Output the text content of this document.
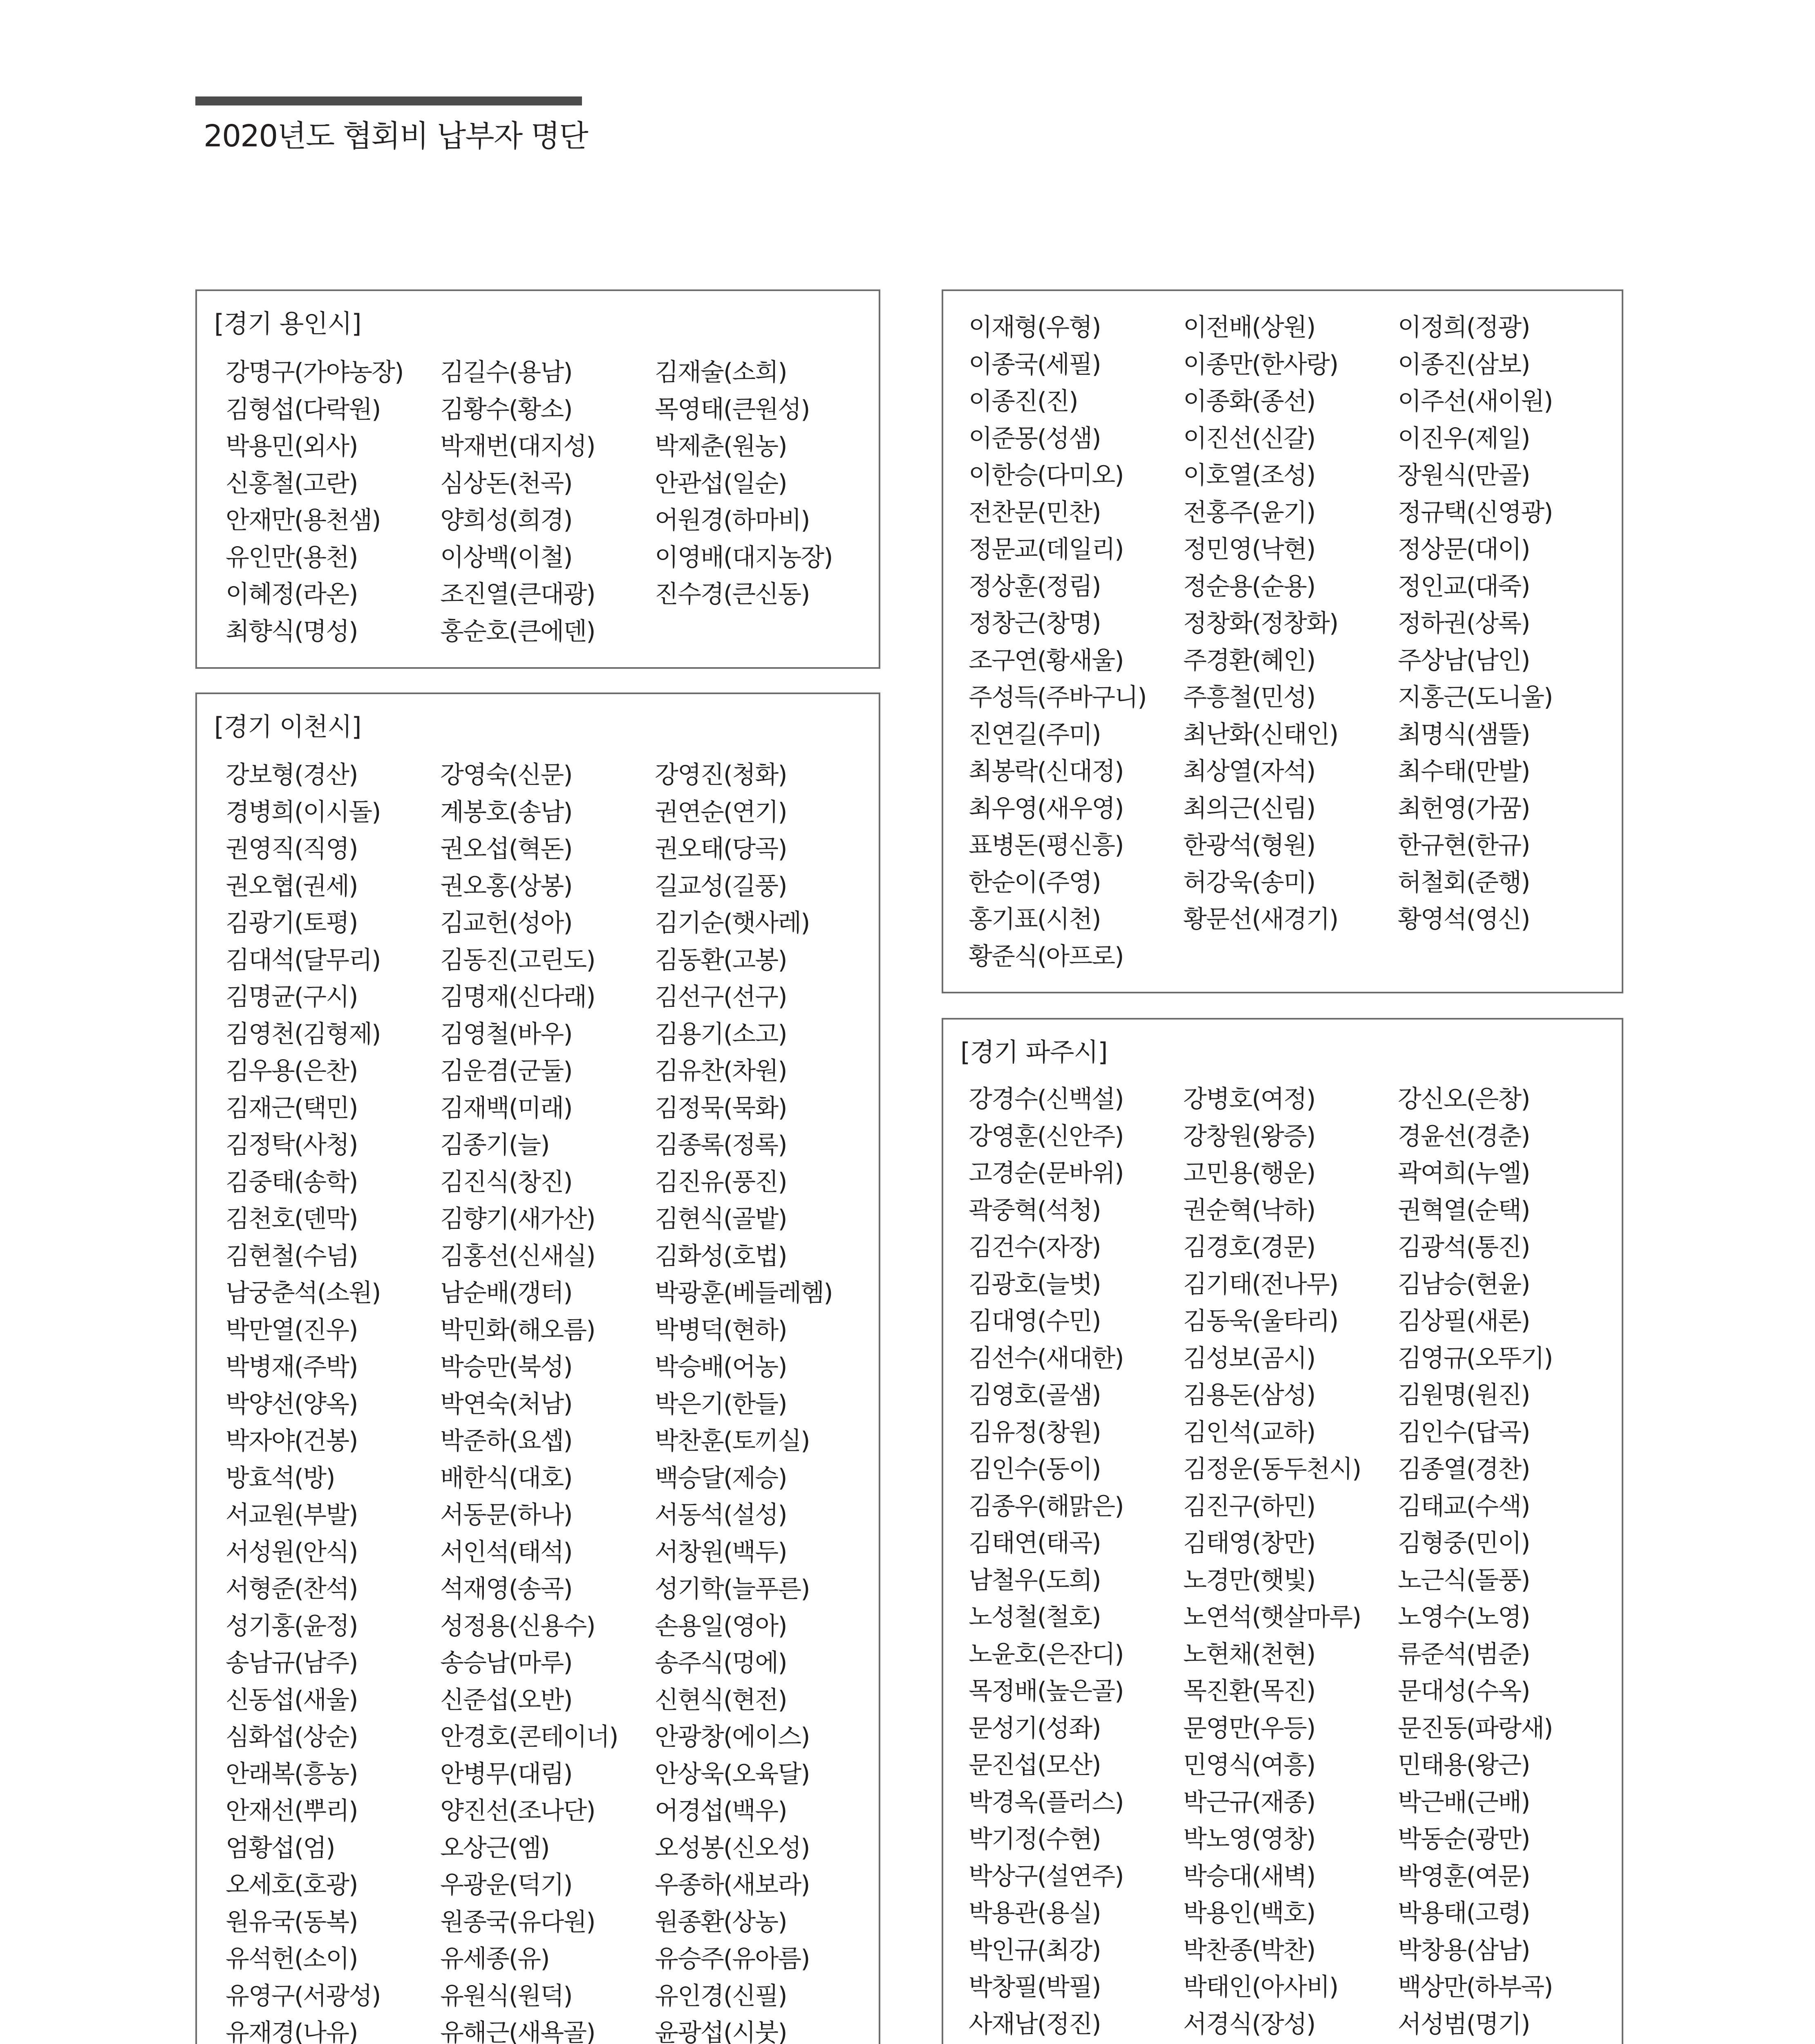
2020년도 협회비 납부자 명단
[경기 용인시]
강명구(가야농장)	김길수(용남)	김재술(소희)
김형섭(다락원)	김황수(황소)	목영태(큰원성)
박용민(외사)	박재번(대지성)	박제춘(원농)
신홍철(고란)	심상돈(천곡)	안관섭(일순)
안재만(용천샘)	양희성(희경)	어원경(하마비)
유인만(용천)	이상백(이철)	이영배(대지농장)
이혜정(라온)	조진열(큰대광)	진수경(큰신동)
최향식(명성)	홍순호(큰에덴)
[경기 이천시]
강보형(경산)	강영숙(신문)	강영진(청화)
경병희(이시돌)	계봉호(송남)	권연순(연기)
권영직(직영)	권오섭(혁돈)	권오태(당곡)
권오협(권세)	권오홍(상봉)	길교성(길풍)
김광기(토평)	김교헌(성아)	김기순(햇사레)
김대석(달무리)	김동진(고린도)	김동환(고봉)
김명균(구시)	김명재(신다래)	김선구(선구)
김영천(김형제)	김영철(바우)	김용기(소고)
김우용(은찬)	김운겸(군둘)	김유찬(차원)
김재근(택민)	김재백(미래)	김정묵(묵화)
김정탁(사청)	김종기(늘)	김종록(정록)
김중태(송학)	김진식(창진)	김진유(풍진)
김천호(덴막)	김향기(새가산)	김현식(골밭)
김현철(수넘)	김홍선(신새실)	김화성(호법)
남궁춘석(소원)	남순배(갱터)	박광훈(베들레헴)
박만열(진우)	박민화(해오름)	박병덕(현하)
박병재(주박)	박승만(북성)	박승배(어농)
박양선(양옥)	박연숙(처남)	박은기(한들)
박자야(건봉)	박준하(요셉)	박찬훈(토끼실)
방효석(방)	배한식(대호)	백승달(제승)
서교원(부발)	서동문(하나)	서동석(설성)
서성원(안식)	서인석(태석)	서창원(백두)
서형준(찬석)	석재영(송곡)	성기학(늘푸른)
성기홍(윤정)	성정용(신용수)	손용일(영아)
송남규(남주)	송승남(마루)	송주식(멍에)
신동섭(새울)	신준섭(오반)	신현식(현전)
심화섭(상순)	안경호(콘테이너)	안광창(에이스)
안래복(흥농)	안병무(대림)	안상욱(오육달)
안재선(뿌리)	양진선(조나단)	어경섭(백우)
엄황섭(엄)	오상근(엠)	오성봉(신오성)
오세호(호광)	우광운(덕기)	우종하(새보라)
원유국(동복)	원종국(유다원)	원종환(상농)
유석헌(소이)	유세종(유)	유승주(유아름)
유영구(서광성)	유원식(원덕)	유인경(신필)
유재경(나유)	유해근(새욕골)	윤광섭(시붓)
이재형(우형)	이전배(상원)	이정희(정광)
이종국(세필)	이종만(한사랑)	이종진(삼보)
이종진(진)	이종화(종선)	이주선(새이원)
이준몽(성샘)	이진선(신갈)	이진우(제일)
이한승(다미오)	이호열(조성)	장원식(만골)
전찬문(민찬)	전홍주(윤기)	정규택(신영광)
정문교(데일리)	정민영(낙현)	정상문(대이)
정상훈(정림)	정순용(순용)	정인교(대죽)
정창근(창명)	정창화(정창화)	정하권(상록)
조구연(황새울)	주경환(혜인)	주상남(남인)
주성득(주바구니)	주흥철(민성)	지홍근(도니울)
진연길(주미)	최난화(신태인)	최명식(샘뜰)
최봉락(신대정)	최상열(자석)	최수태(만발)
최우영(새우영)	최의근(신림)	최헌영(가꿈)
표병돈(평신흥)	한광석(형원)	한규현(한규)
한순이(주영)	허강욱(송미)	허철회(준행)
홍기표(시천)	황문선(새경기)	황영석(영신)
황준식(아프로)
[경기 파주시]
강경수(신백설)	강병호(여정)	강신오(은창)
강영훈(신안주)	강창원(왕증)	경윤선(경춘)
고경순(문바위)	고민용(행운)	곽여희(누엘)
곽중혁(석청)	권순혁(낙하)	권혁열(순택)
김건수(자장)	김경호(경문)	김광석(통진)
김광호(늘벗)	김기태(전나무)	김남승(현윤)
김대영(수민)	김동욱(울타리)	김상필(새론)
김선수(새대한)	김성보(곰시)	김영규(오뚜기)
김영호(골샘)	김용돈(삼성)	김원명(원진)
김유정(창원)	김인석(교하)	김인수(답곡)
김인수(동이)	김정운(동두천시)	김종열(경찬)
김종우(해맑은)	김진구(하민)	김태교(수색)
김태연(태곡)	김태영(창만)	김형중(민이)
남철우(도희)	노경만(햇빛)	노근식(돌풍)
노성철(철호)	노연석(햇살마루)	노영수(노영)
노윤호(은잔디)	노현채(천현)	류준석(범준)
목정배(높은골)	목진환(목진)	문대성(수옥)
문성기(성좌)	문영만(우등)	문진동(파랑새)
문진섭(모산)	민영식(여흥)	민태용(왕근)
박경옥(플러스)	박근규(재종)	박근배(근배)
박기정(수현)	박노영(영창)	박동순(광만)
박상구(설연주)	박승대(새벽)	박영훈(여문)
박용관(용실)	박용인(백호)	박용태(고령)
박인규(최강)	박찬종(박찬)	박창용(삼남)
박창필(박필)	박태인(아사비)	백상만(하부곡)
사재남(정진)	서경식(장성)	서성범(명기)
